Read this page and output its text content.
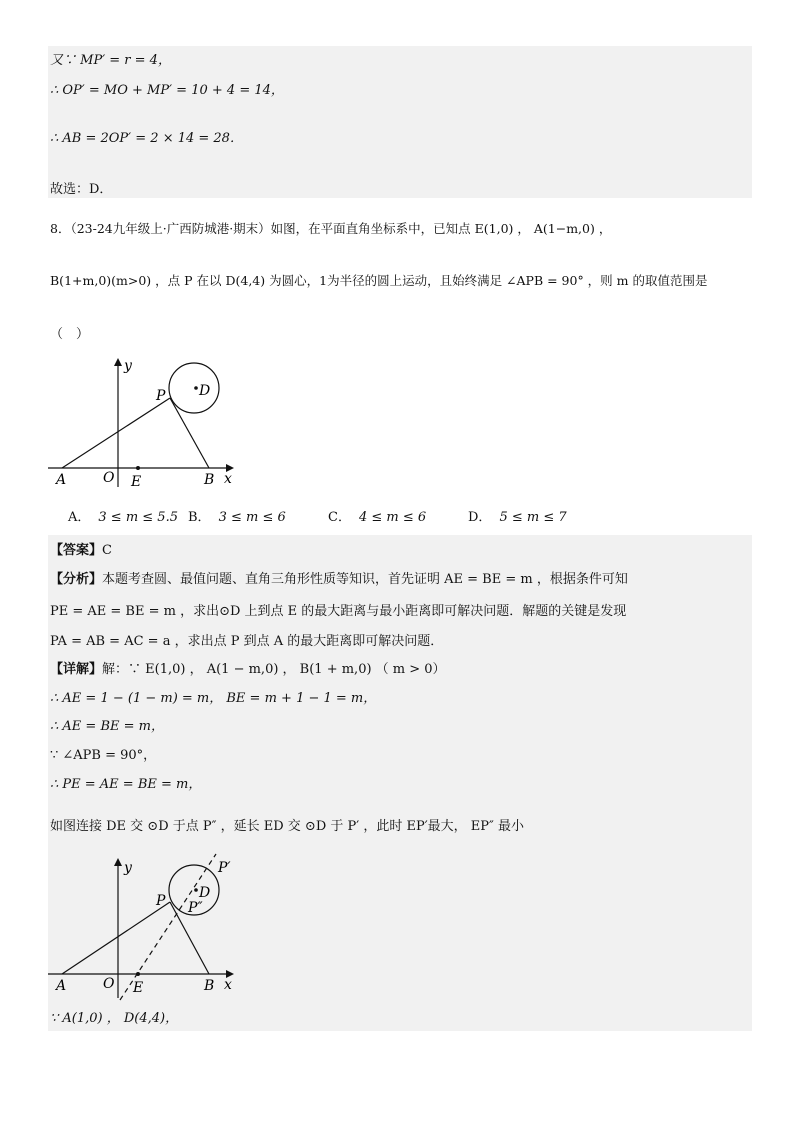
又∵ MP′ = r = 4，
∴ OP′ = MO + MP′ = 10 + 4 = 14，
∴ AB = 2OP′ = 2 × 14 = 28．
故选：D．
8．（23-24九年级上·广西防城港·期末）如图，在平面直角坐标系中，已知点 E(1,0) ， A(1−m,0) ，
B(1+m,0)(m>0) ，点 P 在以 D(4,4) 为圆心，1为半径的圆上运动，且始终满足 ∠APB = 90° ，则 m 的取值范围是
（　）
y
x
P D
A	O E	B
A． 3 ≤ m ≤ 5.5 B． 3 ≤ m ≤ 6	C． 4 ≤ m ≤ 6	D． 5 ≤ m ≤ 7
【答案】C
【分析】本题考查圆、最值问题、直角三角形性质等知识，首先证明 AE = BE = m ，根据条件可知
PE = AE = BE = m ，求出⊙D 上到点 E 的最大距离与最小距离即可解决问题．解题的关键是发现
PA = AB = AC = a ，求出点 P 到点 A 的最大距离即可解决问题．
【详解】解：∵ E(1,0) ， A(1 − m,0) ， B(1 + m,0) （ m > 0）
∴ AE = 1 − (1 − m) = m， BE = m + 1 − 1 = m，
∴ AE = BE = m，
∵ ∠APB = 90°，
∴ PE = AE = BE = m，
如图连接 DE 交 ⊙D 于点 P″ ，延长 ED 交 ⊙D 于 P′ ，此时 EP′最大， EP″ 最小
y
x
P
P′
P″
D
A	O E	B
∵ A(1,0) ， D(4,4)，
